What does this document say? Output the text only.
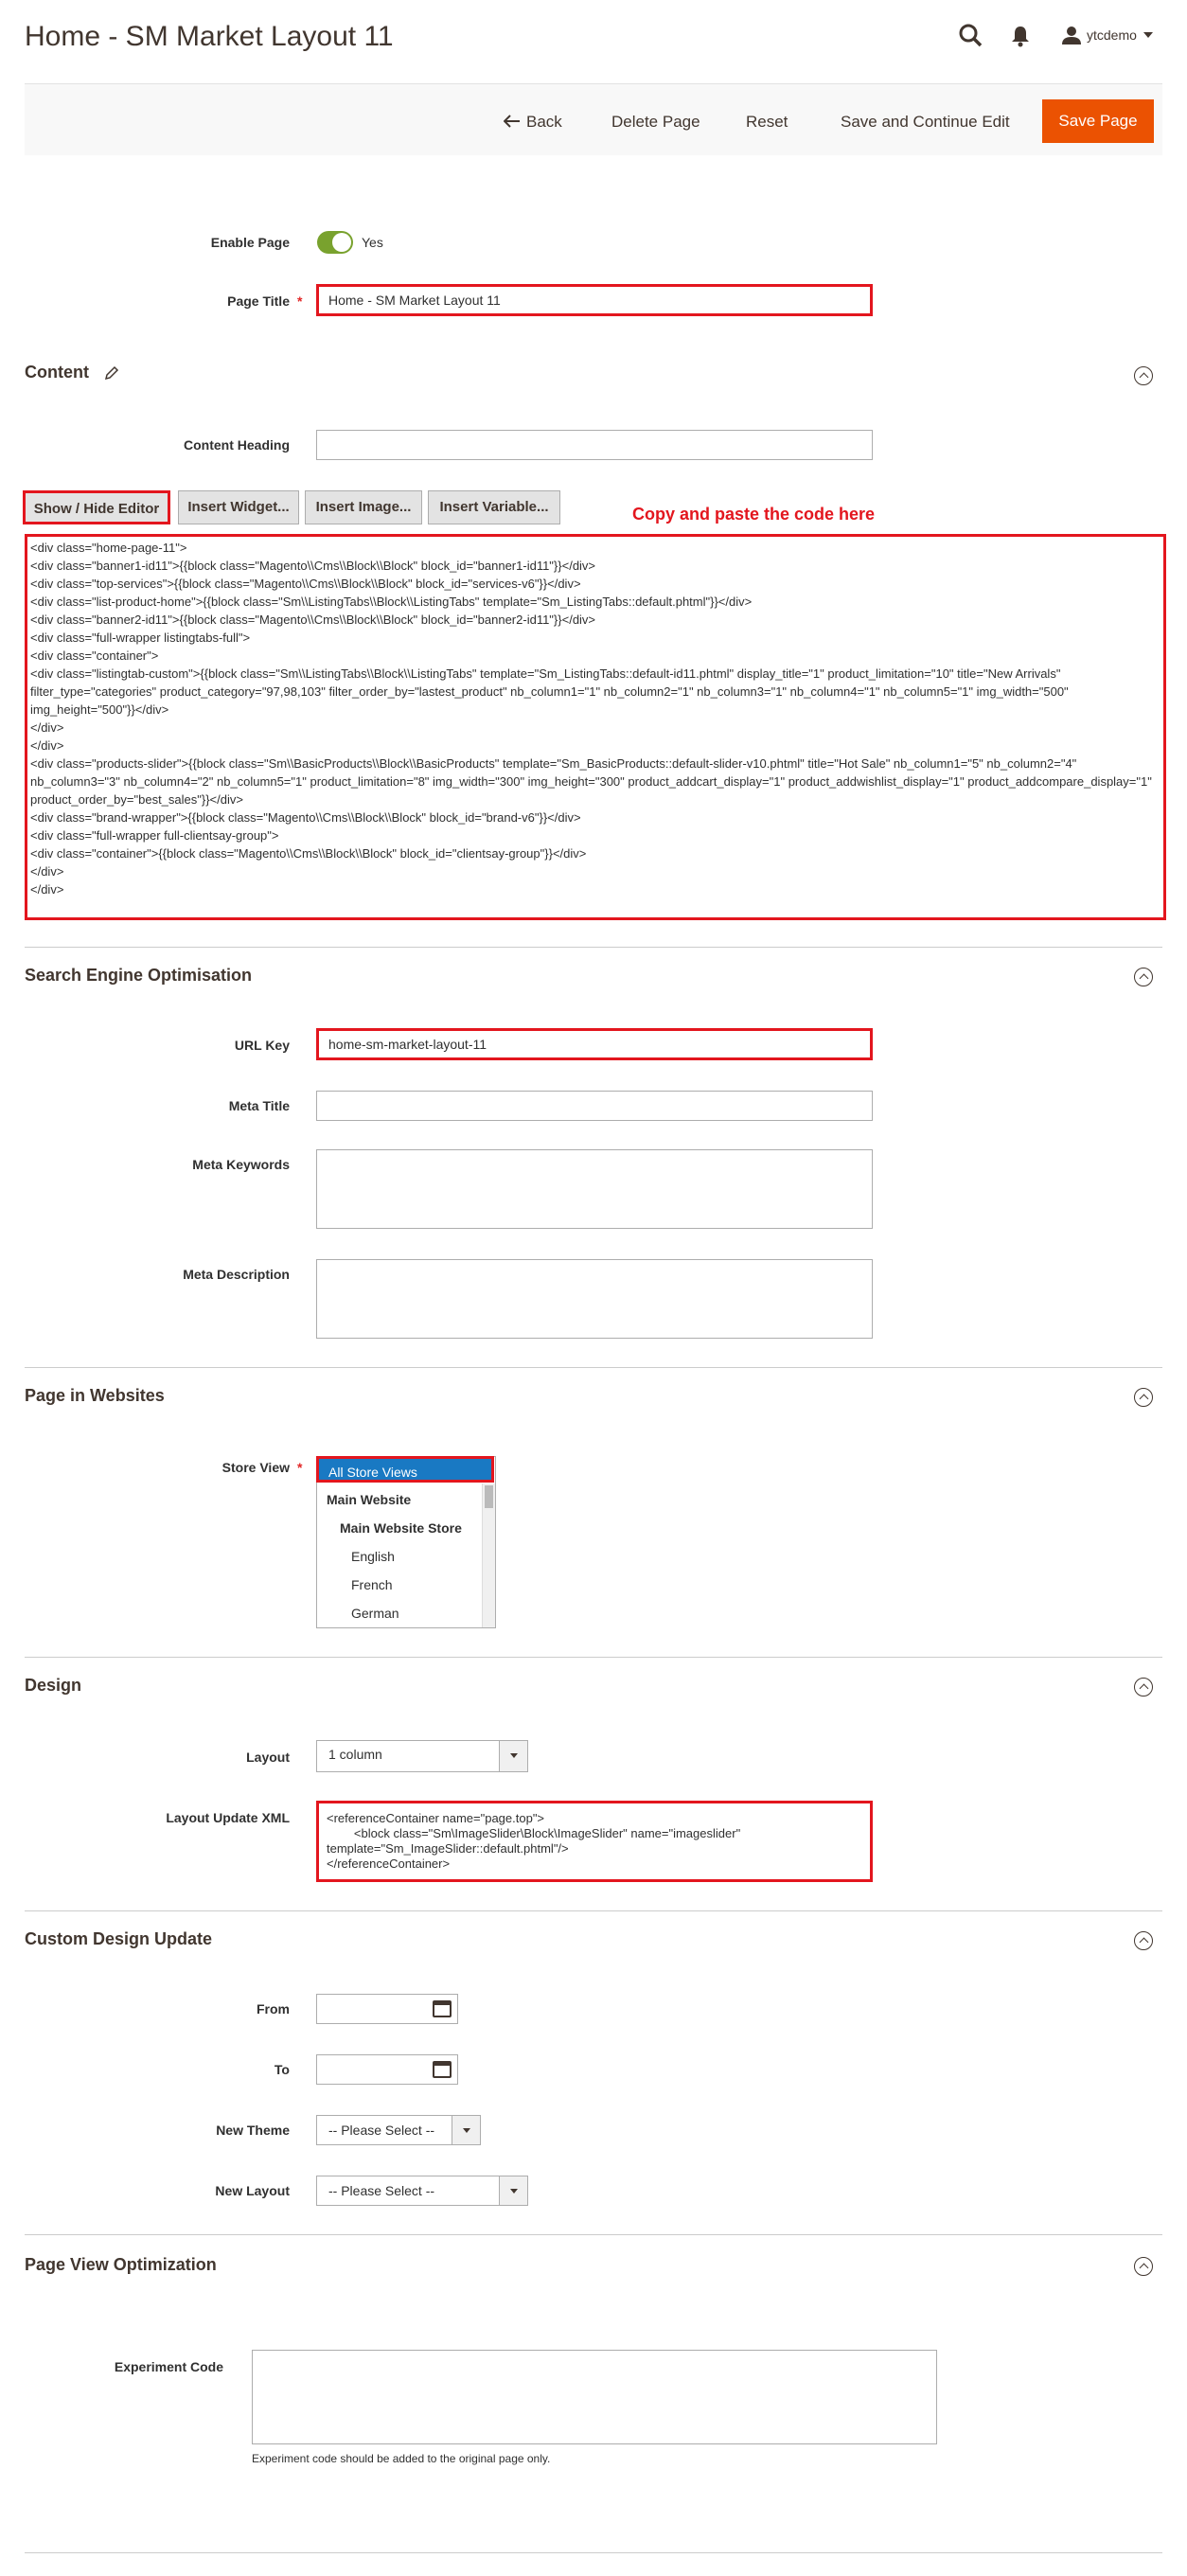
Home - SM Market Layout 11	ytcdemo
Back	Delete Page	Reset	Save and Continue Edit	Save Page
Enable Page	Yes
Page Title *	Home - SM Market Layout 11
Content
Content Heading
Show / Hide Editor	Insert Widget...	Insert Image...	Insert Variable...	Copy and paste the code here
<div class="home-page-11">
<div class="banner1-id11">{{block class="Magento\\Cms\\Block\\Block" block_id="banner1-id11"}}</div>
<div class="top-services">{{block class="Magento\\Cms\\Block\\Block" block_id="services-v6"}}</div>
<div class="list-product-home">{{block class="Sm\\ListingTabs\\Block\\ListingTabs" template="Sm_ListingTabs::default.phtml"}}</div>
<div class="banner2-id11">{{block class="Magento\\Cms\\Block\\Block" block_id="banner2-id11"}}</div>
<div class="full-wrapper listingtabs-full">
<div class="container">
<div class="listingtab-custom">{{block class="Sm\\ListingTabs\\Block\\ListingTabs" template="Sm_ListingTabs::default-id11.phtml" display_title="1" product_limitation="10" title="New Arrivals" filter_type="categories" product_category="97,98,103" filter_order_by="lastest_product" nb_column1="1" nb_column2="1" nb_column3="1" nb_column4="1" nb_column5="1" img_width="500" img_height="500"}}</div>
</div>
</div>
<div class="products-slider">{{block class="Sm\\BasicProducts\\Block\\BasicProducts" template="Sm_BasicProducts::default-slider-v10.phtml" title="Hot Sale" nb_column1="5" nb_column2="4" nb_column3="3" nb_column4="2" nb_column5="1" product_limitation="8" img_width="300" img_height="300" product_addcart_display="1" product_addwishlist_display="1" product_addcompare_display="1" product_order_by="best_sales"}}</div>
<div class="brand-wrapper">{{block class="Magento\\Cms\\Block\\Block" block_id="brand-v6"}}</div>
<div class="full-wrapper full-clientsay-group">
<div class="container">{{block class="Magento\\Cms\\Block\\Block" block_id="clientsay-group"}}</div>
</div>
</div>
Search Engine Optimisation
URL Key	home-sm-market-layout-11
Meta Title
Meta Keywords
Meta Description
Page in Websites
Store View *	All Store Views
Main Website
Main Website Store
English
French
German
Design
Layout	1 column
Layout Update XML	<referenceContainer name="page.top">
<block class="Sm\ImageSlider\Block\ImageSlider" name="imageslider" template="Sm_ImageSlider::default.phtml"/>
</referenceContainer>
Custom Design Update
From
To
New Theme	-- Please Select --
New Layout	-- Please Select --
Page View Optimization
Experiment Code
Experiment code should be added to the original page only.
